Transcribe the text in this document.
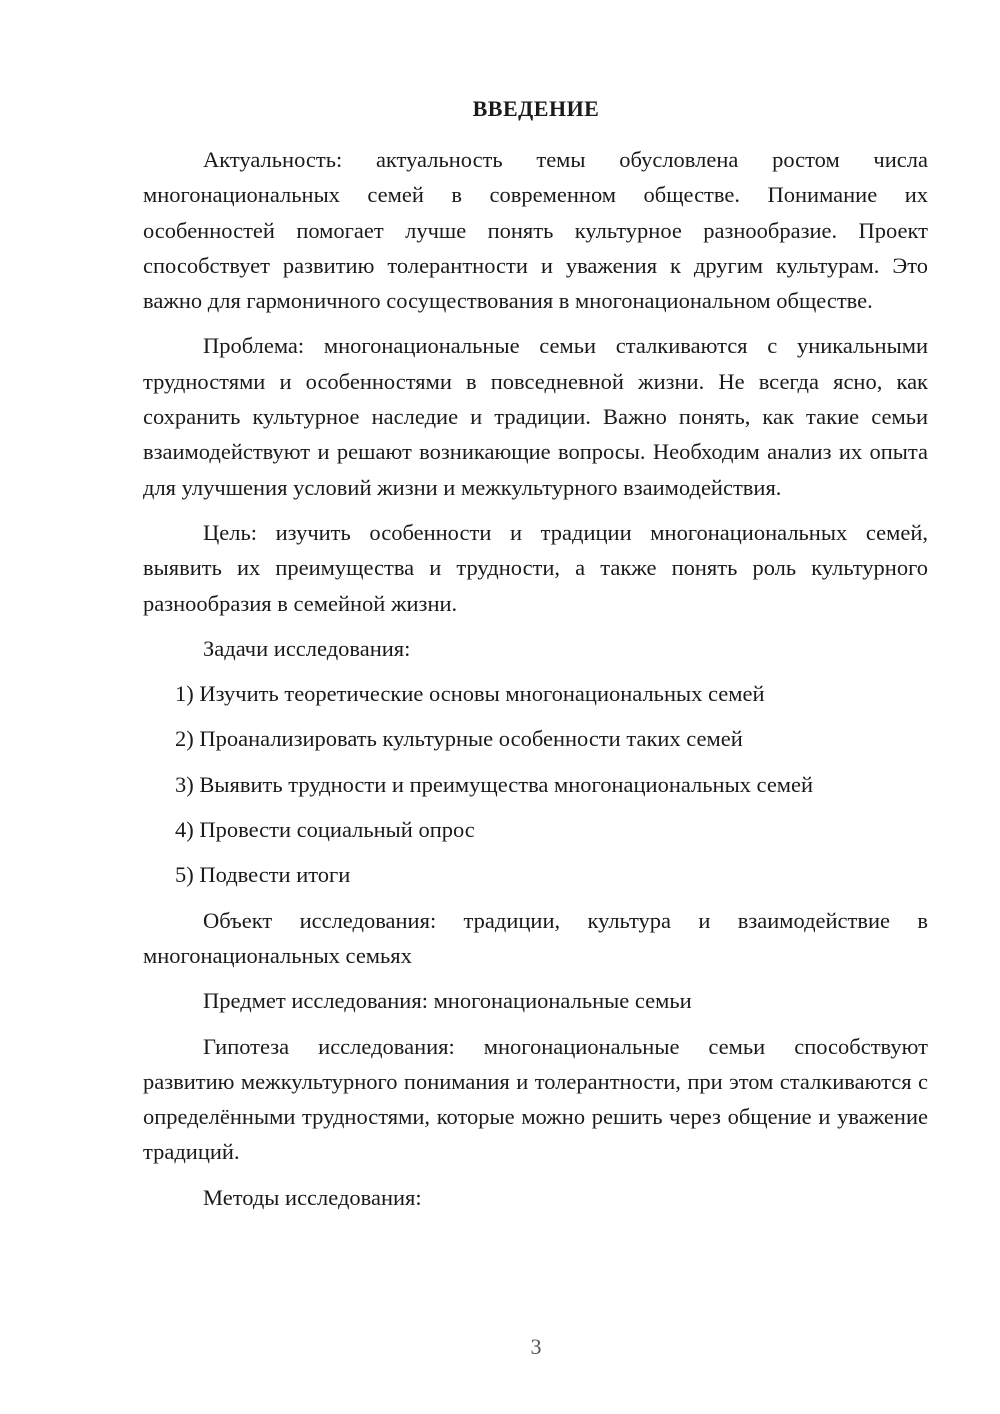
ВВЕДЕНИЕ

Актуальность: актуальность темы обусловлена ростом числа многонациональных семей в современном обществе. Понимание их особенностей помогает лучше понять культурное разнообразие. Проект способствует развитию толерантности и уважения к другим культурам. Это важно для гармоничного сосуществования в многонациональном обществе.

Проблема: многонациональные семьи сталкиваются с уникальными трудностями и особенностями в повседневной жизни. Не всегда ясно, как сохранить культурное наследие и традиции. Важно понять, как такие семьи взаимодействуют и решают возникающие вопросы. Необходим анализ их опыта для улучшения условий жизни и межкультурного взаимодействия.

Цель: изучить особенности и традиции многонациональных семей, выявить их преимущества и трудности, а также понять роль культурного разнообразия в семейной жизни.

Задачи исследования:

1) Изучить теоретические основы многонациональных семей

2) Проанализировать культурные особенности таких семей

3) Выявить трудности и преимущества многонациональных семей

4) Провести социальный опрос

5) Подвести итоги

Объект исследования: традиции, культура и взаимодействие в многонациональных семьях

Предмет исследования: многонациональные семьи

Гипотеза исследования: многонациональные семьи способствуют развитию межкультурного понимания и толерантности, при этом сталкиваются с определёнными трудностями, которые можно решить через общение и уважение традиций.

Методы исследования:

3
